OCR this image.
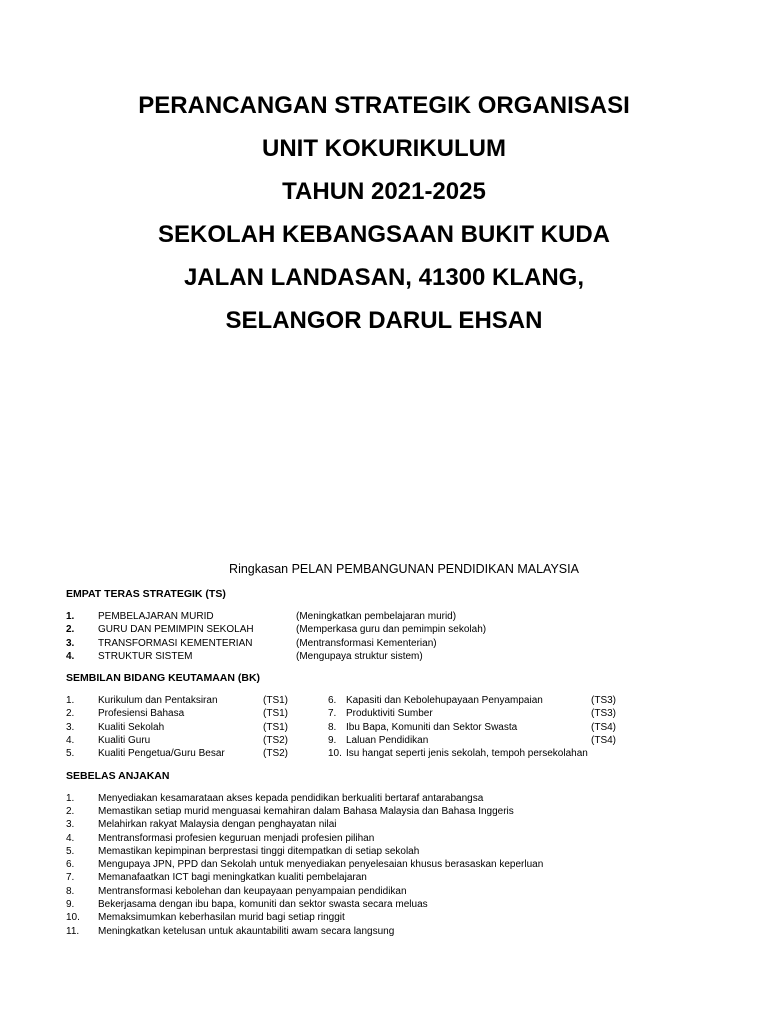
PERANCANGAN STRATEGIK ORGANISASI
UNIT KOKURIKULUM
TAHUN 2021-2025
SEKOLAH KEBANGSAAN BUKIT KUDA
JALAN LANDASAN, 41300 KLANG,
SELANGOR DARUL EHSAN
Ringkasan PELAN PEMBANGUNAN PENDIDIKAN MALAYSIA
EMPAT TERAS STRATEGIK (TS)
1. PEMBELAJARAN MURID	(Meningkatkan pembelajaran murid)
2. GURU DAN PEMIMPIN SEKOLAH	(Memperkasa guru dan pemimpin sekolah)
3. TRANSFORMASI KEMENTERIAN	(Mentransformasi Kementerian)
4. STRUKTUR SISTEM	(Mengupaya struktur sistem)
SEMBILAN BIDANG KEUTAMAAN (BK)
1. Kurikulum dan Pentaksiran	(TS1)	6. Kapasiti dan Kebolehupayaan Penyampaian	(TS3)
2. Profesiensi Bahasa	(TS1)	7. Produktiviti Sumber	(TS3)
3. Kualiti Sekolah	(TS1)	8. Ibu Bapa, Komuniti dan Sektor Swasta	(TS4)
4. Kualiti Guru	(TS2)	9. Laluan Pendidikan	(TS4)
5. Kualiti Pengetua/Guru Besar	(TS2)	10. Isu hangat seperti jenis sekolah, tempoh persekolahan
SEBELAS ANJAKAN
1. Menyediakan kesamarataan akses kepada pendidikan berkualiti bertaraf antarabangsa
2. Memastikan setiap murid menguasai kemahiran dalam Bahasa Malaysia dan Bahasa Inggeris
3. Melahirkan rakyat Malaysia dengan penghayatan nilai
4. Mentransformasi profesien keguruan menjadi profesien pilihan
5. Memastikan kepimpinan berprestasi tinggi ditempatkan di setiap sekolah
6. Mengupaya JPN, PPD dan Sekolah untuk menyediakan penyelesaian khusus berasaskan keperluan
7. Memanafaatkan ICT bagi meningkatkan kualiti pembelajaran
8. Mentransformasi kebolehan dan keupayaan penyampaian pendidikan
9. Bekerjasama dengan ibu bapa, komuniti dan sektor swasta secara meluas
10. Memaksimumkan keberhasilan murid bagi setiap ringgit
11. Meningkatkan ketelusan untuk akauntabiliti awam secara langsung
